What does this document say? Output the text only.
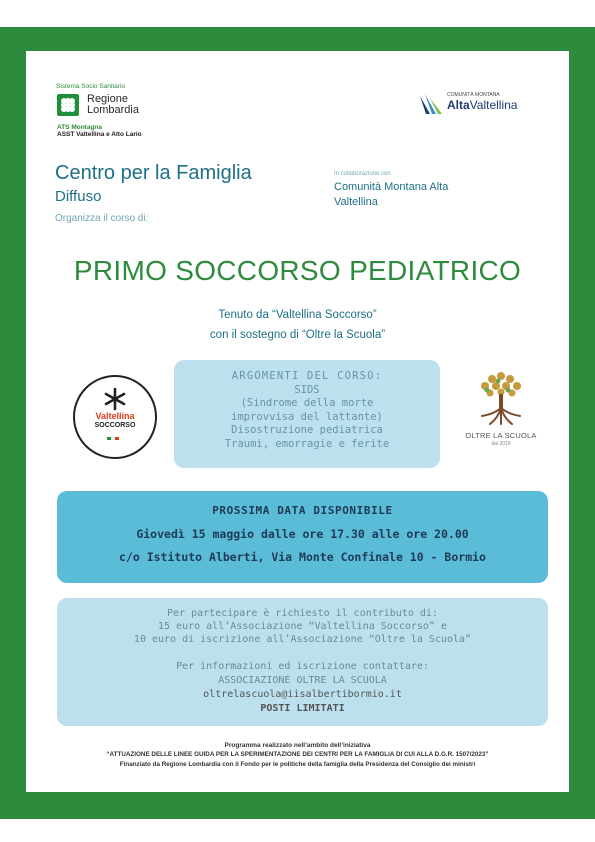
Sistema Socio Sanitario
Regione
Lombardia
ATS Montagna
ASST Valtellina e Alto Lario
COMUNITÀ MONTANA
AltaValtellina
Centro per la Famiglia
Diffuso
Organizza il corso di:
In collaborazione con
Comunità Montana Alta
Valtellina
PRIMO SOCCORSO PEDIATRICO
Tenuto da “Valtellina Soccorso”
con il sostegno di “Oltre la Scuola”
Valtellina
SOCCORSO
ARGOMENTI DEL CORSO:
SIDS
(Sindrome della morte
improvvisa del lattante)
Disostruzione pediatrica
Traumi, emorragie e ferite
OLTRE LA SCUOLA
dal 2019
PROSSIMA DATA DISPONIBILE
Giovedì 15 maggio dalle ore 17.30 alle ore 20.00
c/o Istituto Alberti, Via Monte Confinale 10 - Bormio
Per partecipare è richiesto il contributo di:
15 euro all’Associazione “Valtellina Soccorso” e
10 euro di iscrizione all’Associazione “Oltre la Scuola”
Per informazioni ed iscrizione contattare:
ASSOCIAZIONE OLTRE LA SCUOLA
oltrelascuola@iisalbertibormio.it
POSTI LIMITATI
Programma realizzato nell’ambito dell’iniziativa
“ATTUAZIONE DELLE LINEE GUIDA PER LA SPERIMENTAZIONE DEI CENTRI PER LA FAMIGLIA DI CUI ALLA D.G.R. 1507/2023”
Finanziato da Regione Lombardia con il Fondo per le politiche della famiglia della Presidenza del Consiglio dei ministri
